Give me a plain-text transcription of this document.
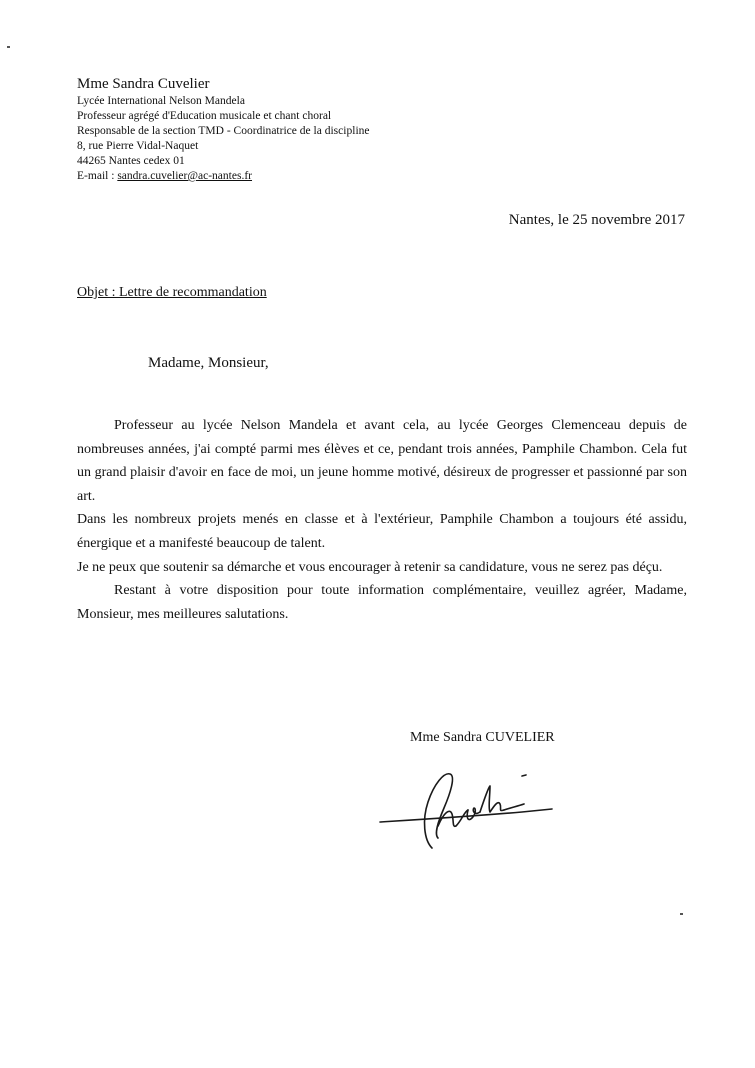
Mme Sandra Cuvelier
Lycée International Nelson Mandela
Professeur agrégé d'Education musicale et chant choral
Responsable de la section TMD - Coordinatrice de la discipline
8, rue Pierre Vidal-Naquet
44265 Nantes cedex 01
E-mail : sandra.cuvelier@ac-nantes.fr
Nantes, le 25 novembre 2017
Objet : Lettre de recommandation
Madame, Monsieur,

Professeur au lycée Nelson Mandela et avant cela, au lycée Georges Clemenceau depuis de nombreuses années, j'ai compté parmi mes élèves et ce, pendant trois années, Pamphile Chambon. Cela fut un grand plaisir d'avoir en face de moi, un jeune homme motivé, désireux de progresser et passionné par son art.

Dans les nombreux projets menés en classe et à l'extérieur, Pamphile Chambon a toujours été assidu, énergique et a manifesté beaucoup de talent.

Je ne peux que soutenir sa démarche et vous encourager à retenir sa candidature, vous ne serez pas déçu.

Restant à votre disposition pour toute information complémentaire, veuillez agréer, Madame, Monsieur, mes meilleures salutations.

Mme Sandra CUVELIER
